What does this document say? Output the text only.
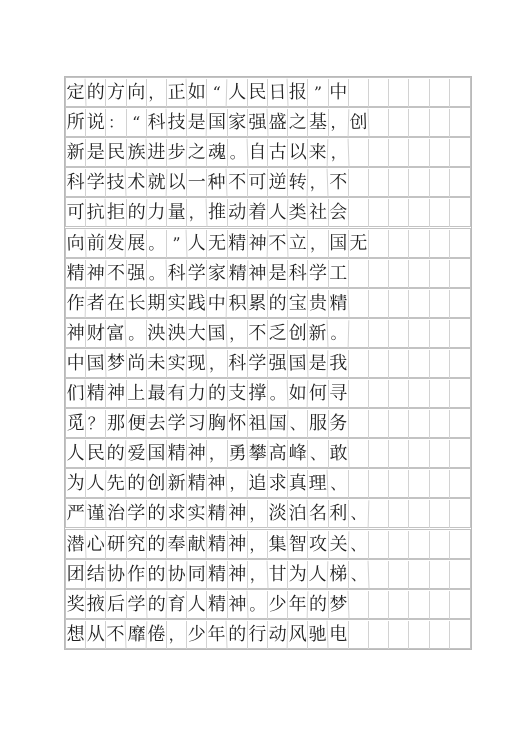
定 的 方 向 ， 正 如 “ 人 民 日 报 ” 中
所 说 ： “ 科 技 是 国 家 强 盛 之 基 ， 创
新 是 民 族 进 步 之 魂 。 自 古 以 来 ，
科 学 技 术 就 以 一 种 不 可 逆 转 ， 不
可 抗 拒 的 力 量 ， 推 动 着 人 类 社 会
向 前 发 展 。 ” 人 无 精 神 不 立 ， 国 无
精 神 不 强 。 科 学 家 精 神 是 科 学 工
作 者 在 长 期 实 践 中 积 累 的 宝 贵 精
神 财 富 。 泱 泱 大 国 ， 不 乏 创 新 。
中 国 梦 尚 未 实 现 ， 科 学 强 国 是 我
们 精 神 上 最 有 力 的 支 撑 。 如 何 寻
觅 ？ 那 便 去 学 习 胸 怀 祖 国 、 服 务
人 民 的 爱 国 精 神 ， 勇 攀 高 峰 、 敢
为 人 先 的 创 新 精 神 ， 追 求 真 理 、
严 谨 治 学 的 求 实 精 神 ， 淡 泊 名 利 、
潜 心 研 究 的 奉 献 精 神 ， 集 智 攻 关 、
团 结 协 作 的 协 同 精 神 ， 甘 为 人 梯 、
奖 掖 后 学 的 育 人 精 神 。 少 年 的 梦
想 从 不 靡 倦 ， 少 年 的 行 动 风 驰 电
